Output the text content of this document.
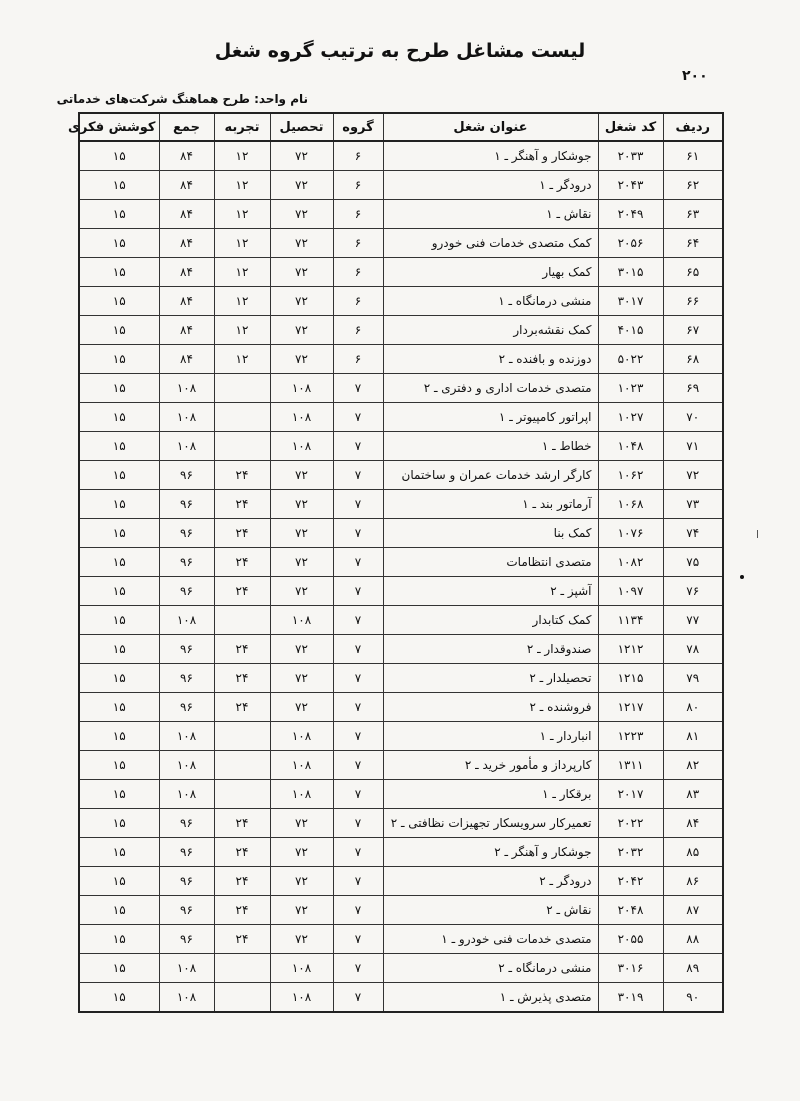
لیست مشاغل طرح به ترتیب گروه شغل
۲۰۰
نام واحد: طرح هماهنگ شرکت‌های خدماتی
ردیف	کد شغل	عنوان شغل	گروه	تحصیل	تجربه	جمع	کوشش فکری
۶۱	۲۰۳۳	جوشکار و آهنگر ـ ۱	۶	۷۲	۱۲	۸۴	۱۵
۶۲	۲۰۴۳	درودگر ـ ۱	۶	۷۲	۱۲	۸۴	۱۵
۶۳	۲۰۴۹	نقاش ـ ۱	۶	۷۲	۱۲	۸۴	۱۵
۶۴	۲۰۵۶	کمک متصدی خدمات فنی خودرو	۶	۷۲	۱۲	۸۴	۱۵
۶۵	۳۰۱۵	کمک بهیار	۶	۷۲	۱۲	۸۴	۱۵
۶۶	۳۰۱۷	منشی درمانگاه ـ ۱	۶	۷۲	۱۲	۸۴	۱۵
۶۷	۴۰۱۵	کمک نقشه‌بردار	۶	۷۲	۱۲	۸۴	۱۵
۶۸	۵۰۲۲	دوزنده و بافنده ـ ۲	۶	۷۲	۱۲	۸۴	۱۵
۶۹	۱۰۲۳	متصدی خدمات اداری و دفتری ـ ۲	۷	۱۰۸		۱۰۸	۱۵
۷۰	۱۰۲۷	اپراتور کامپیوتر ـ ۱	۷	۱۰۸		۱۰۸	۱۵
۷۱	۱۰۴۸	خطاط ـ ۱	۷	۱۰۸		۱۰۸	۱۵
۷۲	۱۰۶۲	کارگر ارشد خدمات عمران و ساختمان	۷	۷۲	۲۴	۹۶	۱۵
۷۳	۱۰۶۸	آرماتور بند ـ ۱	۷	۷۲	۲۴	۹۶	۱۵
۷۴	۱۰۷۶	کمک بنا	۷	۷۲	۲۴	۹۶	۱۵
۷۵	۱۰۸۲	متصدی انتظامات	۷	۷۲	۲۴	۹۶	۱۵
۷۶	۱۰۹۷	آشپز ـ ۲	۷	۷۲	۲۴	۹۶	۱۵
۷۷	۱۱۳۴	کمک کتابدار	۷	۱۰۸		۱۰۸	۱۵
۷۸	۱۲۱۲	صندوقدار ـ ۲	۷	۷۲	۲۴	۹۶	۱۵
۷۹	۱۲۱۵	تحصیلدار ـ ۲	۷	۷۲	۲۴	۹۶	۱۵
۸۰	۱۲۱۷	فروشنده ـ ۲	۷	۷۲	۲۴	۹۶	۱۵
۸۱	۱۲۲۳	انباردار ـ ۱	۷	۱۰۸		۱۰۸	۱۵
۸۲	۱۳۱۱	کارپرداز و مأمور خرید ـ ۲	۷	۱۰۸		۱۰۸	۱۵
۸۳	۲۰۱۷	برقکار ـ ۱	۷	۱۰۸		۱۰۸	۱۵
۸۴	۲۰۲۲	تعمیرکار سرویسکار تجهیزات نظافتی ـ ۲	۷	۷۲	۲۴	۹۶	۱۵
۸۵	۲۰۳۲	جوشکار و آهنگر ـ ۲	۷	۷۲	۲۴	۹۶	۱۵
۸۶	۲۰۴۲	درودگر ـ ۲	۷	۷۲	۲۴	۹۶	۱۵
۸۷	۲۰۴۸	نقاش ـ ۲	۷	۷۲	۲۴	۹۶	۱۵
۸۸	۲۰۵۵	متصدی خدمات فنی خودرو ـ ۱	۷	۷۲	۲۴	۹۶	۱۵
۸۹	۳۰۱۶	منشی درمانگاه ـ ۲	۷	۱۰۸		۱۰۸	۱۵
۹۰	۳۰۱۹	متصدی پذیرش ـ ۱	۷	۱۰۸		۱۰۸	۱۵
